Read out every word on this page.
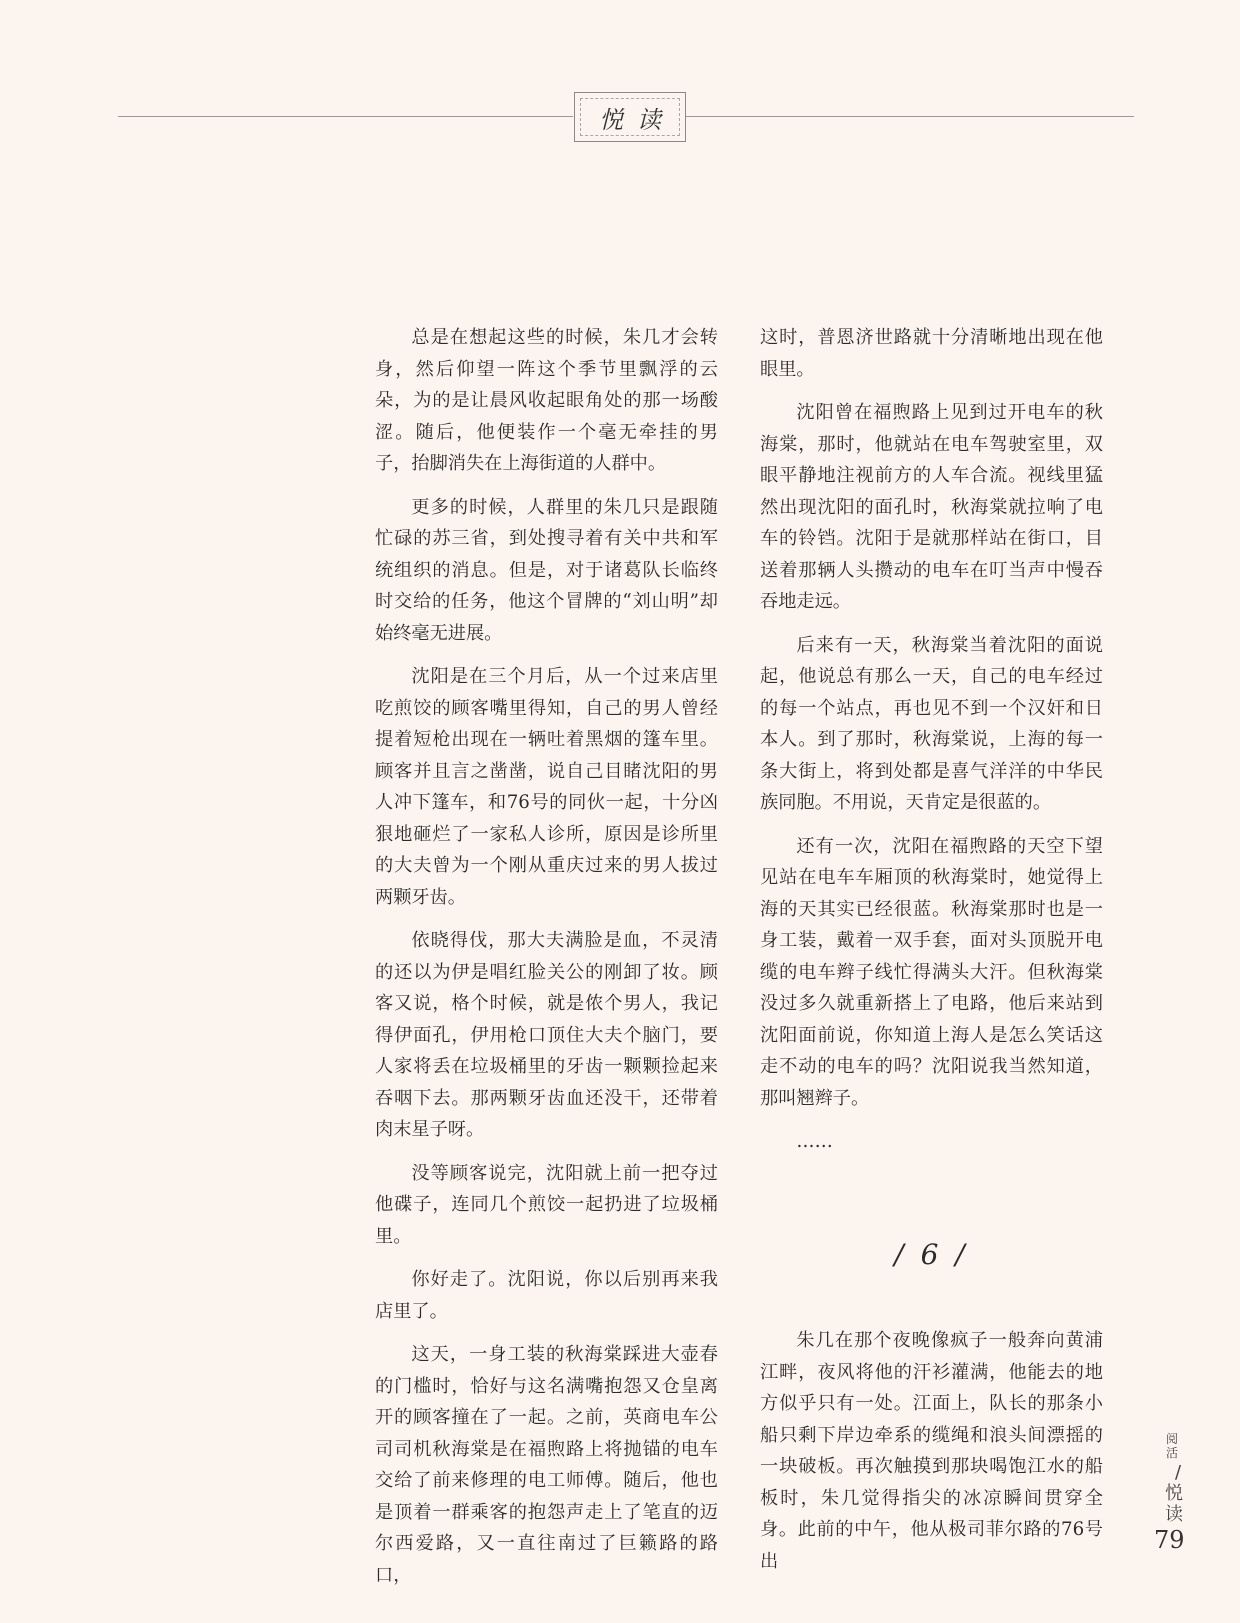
悦读

总是在想起这些的时候，朱几才会转身，然后仰望一阵这个季节里飘浮的云朵，为的是让晨风收起眼角处的那一场酸涩。随后，他便装作一个毫无牵挂的男子，抬脚消失在上海街道的人群中。

更多的时候，人群里的朱几只是跟随忙碌的苏三省，到处搜寻着有关中共和军统组织的消息。但是，对于诸葛队长临终时交给的任务，他这个冒牌的“刘山明”却始终毫无进展。

沈阳是在三个月后，从一个过来店里吃煎饺的顾客嘴里得知，自己的男人曾经提着短枪出现在一辆吐着黑烟的篷车里。顾客并且言之凿凿，说自己目睹沈阳的男人冲下篷车，和76号的同伙一起，十分凶狠地砸烂了一家私人诊所，原因是诊所里的大夫曾为一个刚从重庆过来的男人拔过两颗牙齿。

依晓得伐，那大夫满脸是血，不灵清的还以为伊是唱红脸关公的刚卸了妆。顾客又说，格个时候，就是侬个男人，我记得伊面孔，伊用枪口顶住大夫个脑门，要人家将丢在垃圾桶里的牙齿一颗颗捡起来吞咽下去。那两颗牙齿血还没干，还带着肉末星子呀。

没等顾客说完，沈阳就上前一把夺过他碟子，连同几个煎饺一起扔进了垃圾桶里。

你好走了。沈阳说，你以后别再来我店里了。

这天，一身工装的秋海棠踩进大壶春的门槛时，恰好与这名满嘴抱怨又仓皇离开的顾客撞在了一起。之前，英商电车公司司机秋海棠是在福煦路上将抛锚的电车交给了前来修理的电工师傅。随后，他也是顶着一群乘客的抱怨声走上了笔直的迈尔西爱路，又一直往南过了巨籁路的路口，

这时，普恩济世路就十分清晰地出现在他眼里。

沈阳曾在福煦路上见到过开电车的秋海棠，那时，他就站在电车驾驶室里，双眼平静地注视前方的人车合流。视线里猛然出现沈阳的面孔时，秋海棠就拉响了电车的铃铛。沈阳于是就那样站在街口，目送着那辆人头攒动的电车在叮当声中慢吞吞地走远。

后来有一天，秋海棠当着沈阳的面说起，他说总有那么一天，自己的电车经过的每一个站点，再也见不到一个汉奸和日本人。到了那时，秋海棠说，上海的每一条大街上，将到处都是喜气洋洋的中华民族同胞。不用说，天肯定是很蓝的。

还有一次，沈阳在福煦路的天空下望见站在电车车厢顶的秋海棠时，她觉得上海的天其实已经很蓝。秋海棠那时也是一身工装，戴着一双手套，面对头顶脱开电缆的电车辫子线忙得满头大汗。但秋海棠没过多久就重新搭上了电路，他后来站到沈阳面前说，你知道上海人是怎么笑话这走不动的电车的吗？沈阳说我当然知道，那叫翘辫子。

……

/ 6 /

朱几在那个夜晚像疯子一般奔向黄浦江畔，夜风将他的汗衫灌满，他能去的地方似乎只有一处。江面上，队长的那条小船只剩下岸边牵系的缆绳和浪头间漂摇的一块破板。再次触摸到那块喝饱江水的船板时，朱几觉得指尖的冰凉瞬间贯穿全身。此前的中午，他从极司菲尔路的76号出

阅活
/
悦读
79
